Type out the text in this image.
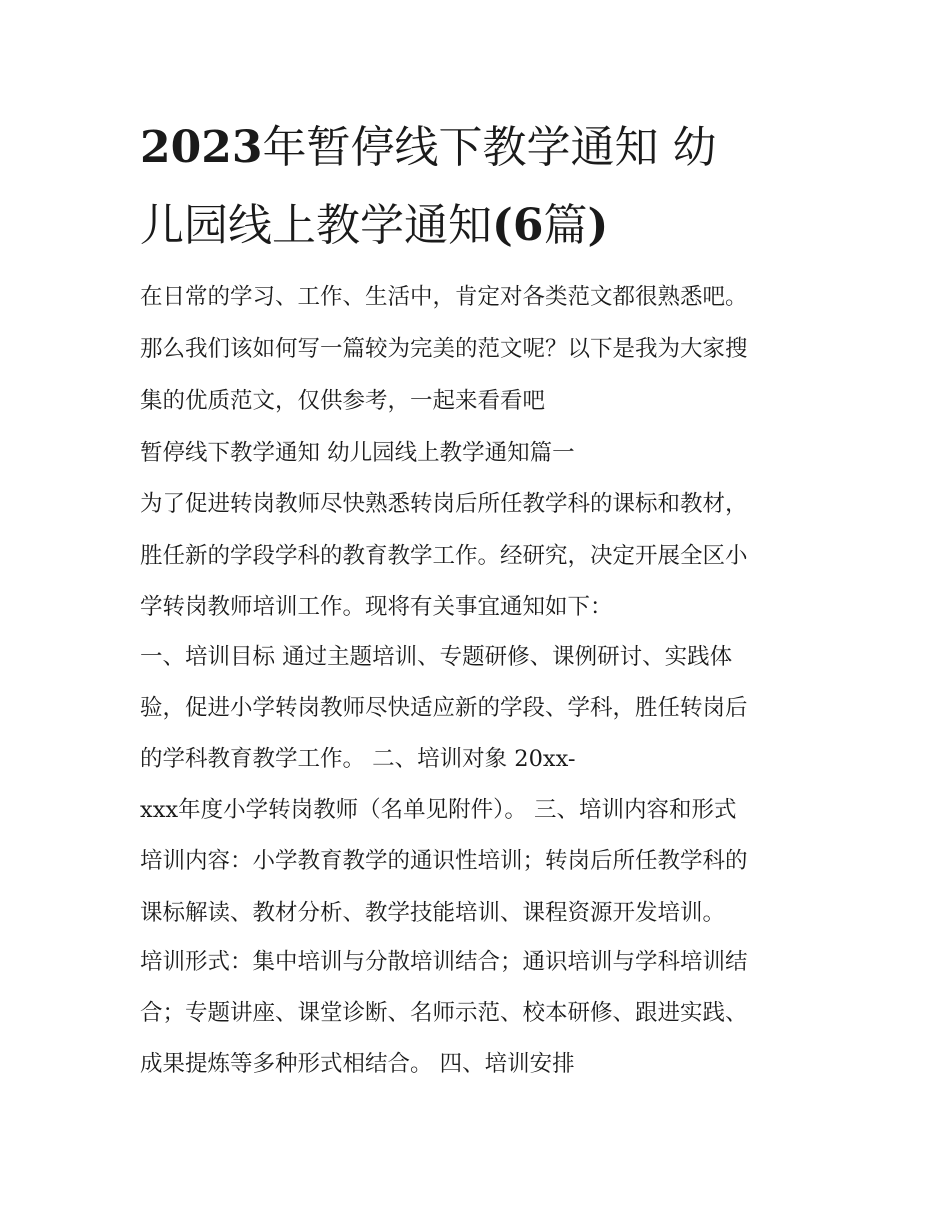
2023年暂停线下教学通知 幼
儿园线上教学通知(6篇)
在日常的学习、工作、生活中，肯定对各类范文都很熟悉吧。
那么我们该如何写一篇较为完美的范文呢？以下是我为大家搜
集的优质范文，仅供参考，一起来看看吧
暂停线下教学通知 幼儿园线上教学通知篇一
为了促进转岗教师尽快熟悉转岗后所任教学科的课标和教材，
胜任新的学段学科的教育教学工作。经研究，决定开展全区小
学转岗教师培训工作。现将有关事宜通知如下：
一、培训目标 通过主题培训、专题研修、课例研讨、实践体
验，促进小学转岗教师尽快适应新的学段、学科，胜任转岗后
的学科教育教学工作。 二、培训对象 20xx-
xxx年度小学转岗教师（名单见附件）。 三、培训内容和形式
培训内容：小学教育教学的通识性培训；转岗后所任教学科的
课标解读、教材分析、教学技能培训、课程资源开发培训。
培训形式：集中培训与分散培训结合；通识培训与学科培训结
合；专题讲座、课堂诊断、名师示范、校本研修、跟进实践、
成果提炼等多种形式相结合。 四、培训安排
